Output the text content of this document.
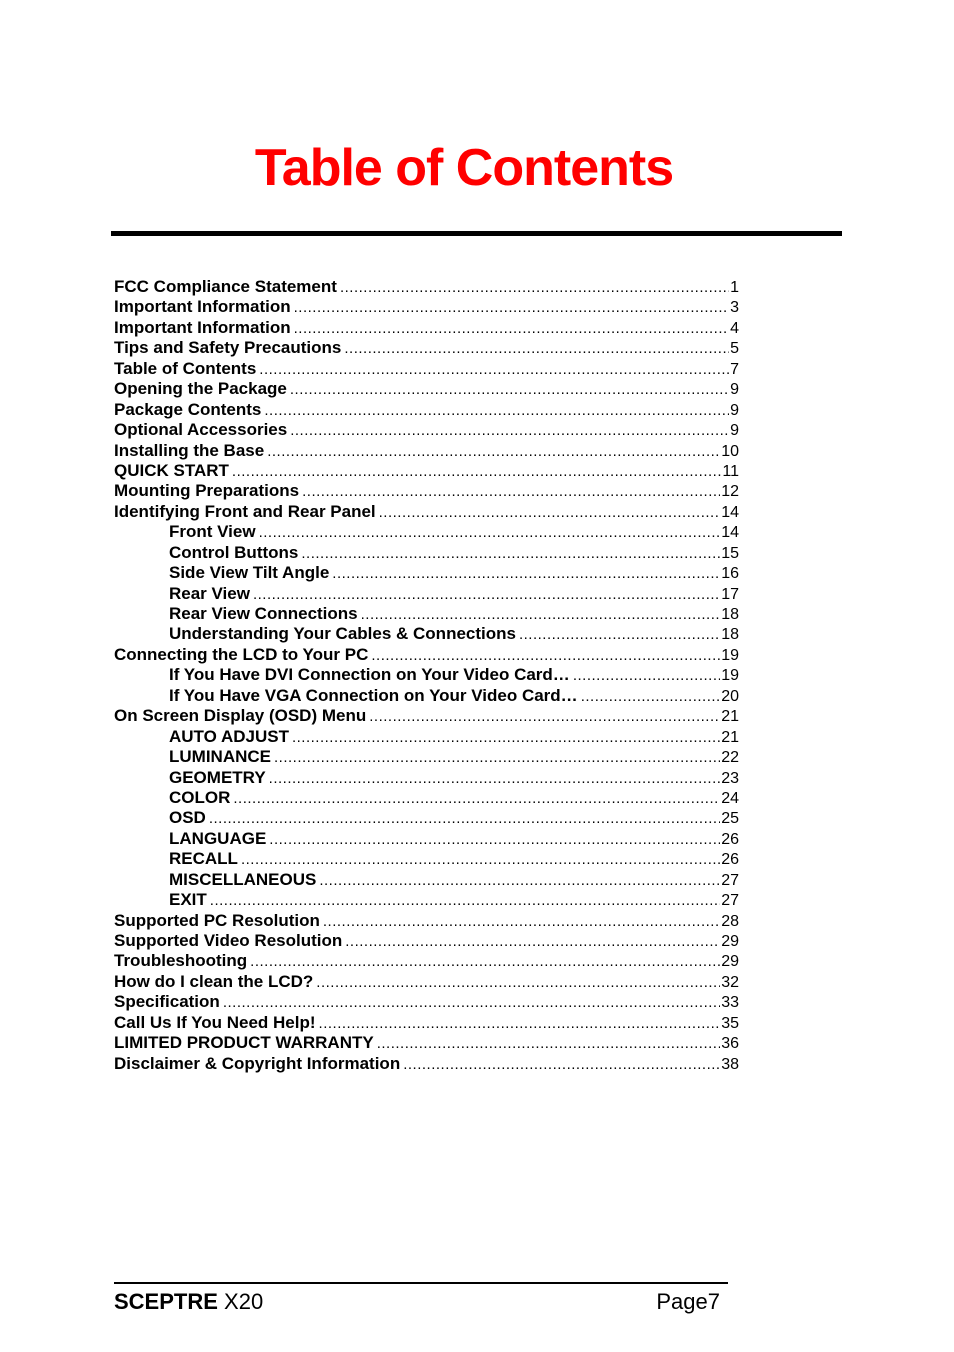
Table of Contents
FCC Compliance Statement .....	1
Important Information .....	3
Important Information .....	4
Tips and Safety Precautions .....	5
Table of Contents .....	7
Opening the Package .....	9
Package Contents .....	9
Optional Accessories .....	9
Installing the Base .....	10
QUICK START .....	11
Mounting Preparations .....	12
Identifying Front and Rear Panel .....	14
Front View .....	14
Control Buttons .....	15
Side View Tilt Angle .....	16
Rear View .....	17
Rear View Connections .....	18
Understanding Your Cables & Connections .....	18
Connecting the LCD to Your PC .....	19
If You Have DVI Connection on Your Video Card… .....	19
If You Have VGA Connection on Your Video Card… .....	20
On Screen Display (OSD) Menu .....	21
AUTO ADJUST .....	21
LUMINANCE .....	22
GEOMETRY .....	23
COLOR .....	24
OSD .....	25
LANGUAGE .....	26
RECALL .....	26
MISCELLANEOUS .....	27
EXIT .....	27
Supported PC Resolution .....	28
Supported Video Resolution .....	29
Troubleshooting .....	29
How do I clean the LCD? .....	32
Specification .....	33
Call Us If You Need Help! .....	35
LIMITED PRODUCT WARRANTY .....	36
Disclaimer & Copyright Information .....	38
SCEPTRE X20	Page7
